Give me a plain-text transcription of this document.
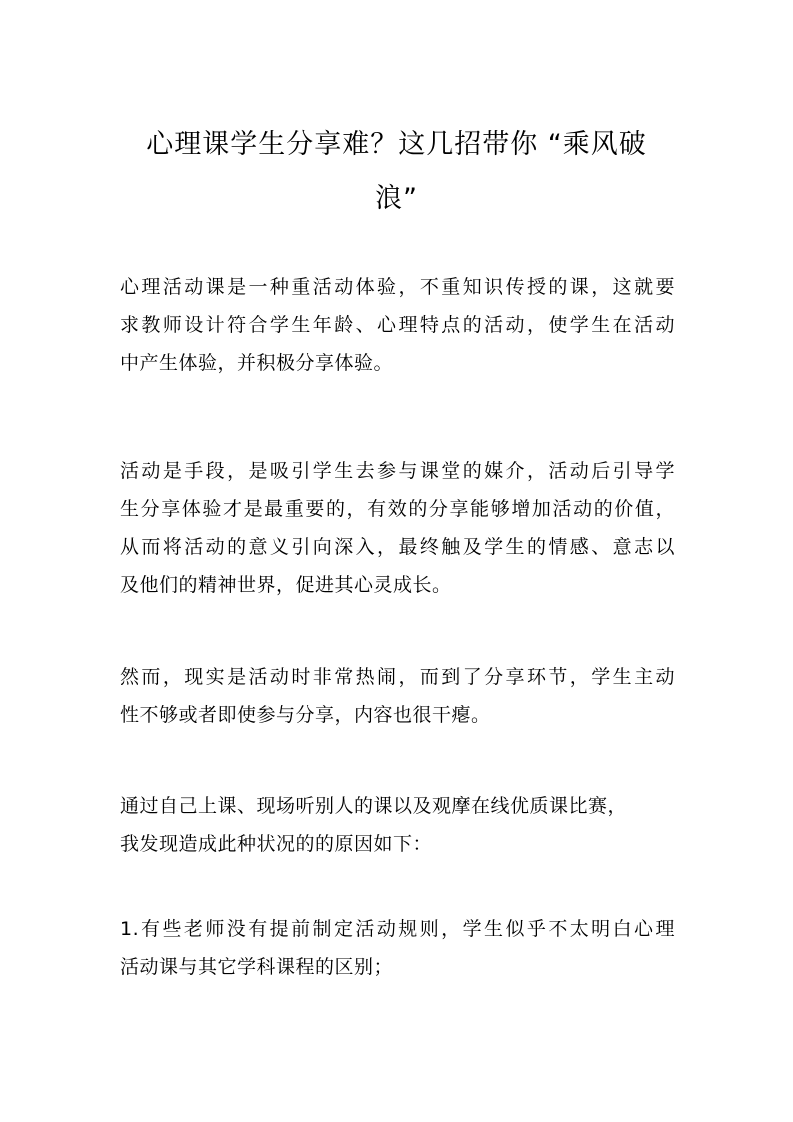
心理课学生分享难？这几招带你 “乘风破
浪”

心理活动课是一种重活动体验，不重知识传授的课，这就要
求教师设计符合学生年龄、心理特点的活动，使学生在活动
中产生体验，并积极分享体验。

活动是手段，是吸引学生去参与课堂的媒介，活动后引导学
生分享体验才是最重要的，有效的分享能够增加活动的价值，
从而将活动的意义引向深入，最终触及学生的情感、意志以
及他们的精神世界，促进其心灵成长。

然而，现实是活动时非常热闹，而到了分享环节，学生主动
性不够或者即使参与分享，内容也很干瘪。

通过自己上课、现场听别人的课以及观摩在线优质课比赛，
我发现造成此种状况的的原因如下：

1.有些老师没有提前制定活动规则，学生似乎不太明白心理
活动课与其它学科课程的区别；
